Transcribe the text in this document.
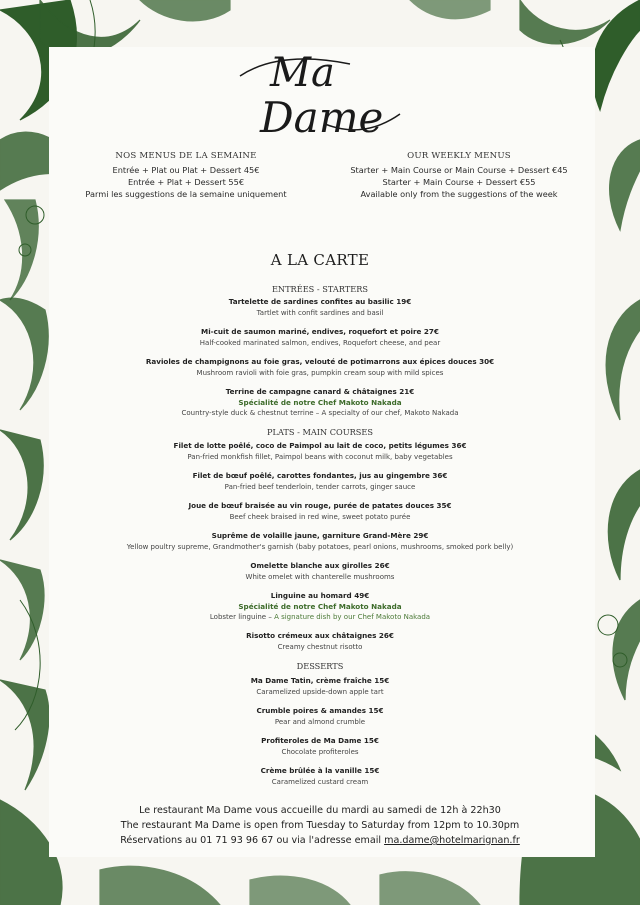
Ma
Dame
NOS MENUS DE LA SEMAINE
Entrée + Plat ou Plat + Dessert 45€
Entrée + Plat + Dessert 55€
Parmi les suggestions de la semaine uniquement
OUR WEEKLY MENUS
Starter + Main Course or Main Course + Dessert €45
Starter + Main Course + Dessert €55
Available only from the suggestions of the week
A LA CARTE
ENTRÉES - STARTERS
Tartelette de sardines confites au basilic 19€
Tartlet with confit sardines and basil
Mi-cuit de saumon mariné, endives, roquefort et poire 27€
Half-cooked marinated salmon, endives, Roquefort cheese, and pear
Ravioles de champignons au foie gras, velouté de potimarrons aux épices douces 30€
Mushroom ravioli with foie gras, pumpkin cream soup with mild spices
Terrine de campagne canard & châtaignes 21€
Spécialité de notre Chef Makoto Nakada
Country-style duck & chestnut terrine – A specialty of our chef, Makoto Nakada
PLATS - MAIN COURSES
Filet de lotte poêlé, coco de Paimpol au lait de coco, petits légumes 36€
Pan-fried monkfish fillet, Paimpol beans with coconut milk, baby vegetables
Filet de bœuf poêlé, carottes fondantes, jus au gingembre 36€
Pan-fried beef tenderloin, tender carrots, ginger sauce
Joue de bœuf braisée au vin rouge, purée de patates douces 35€
Beef cheek braised in red wine, sweet potato purée
Suprême de volaille jaune, garniture Grand-Mère 29€
Yellow poultry supreme, Grandmother's garnish (baby potatoes, pearl onions, mushrooms, smoked pork belly)
Omelette blanche aux girolles 26€
White omelet with chanterelle mushrooms
Linguine au homard 49€
Spécialité de notre Chef Makoto Nakada
Lobster linguine – A signature dish by our Chef Makoto Nakada
Risotto crémeux aux châtaignes 26€
Creamy chestnut risotto
DESSERTS
Ma Dame Tatin, crème fraîche 15€
Caramelized upside-down apple tart
Crumble poires & amandes 15€
Pear and almond crumble
Profiteroles de Ma Dame 15€
Chocolate profiteroles
Crème brûlée à la vanille 15€
Caramelized custard cream
Le restaurant Ma Dame vous accueille du mardi au samedi de 12h à 22h30
The restaurant Ma Dame is open from Tuesday to Saturday from 12pm to 10.30pm
Réservations au 01 71 93 96 67 ou via l'adresse email ma.dame@hotelmarignan.fr
